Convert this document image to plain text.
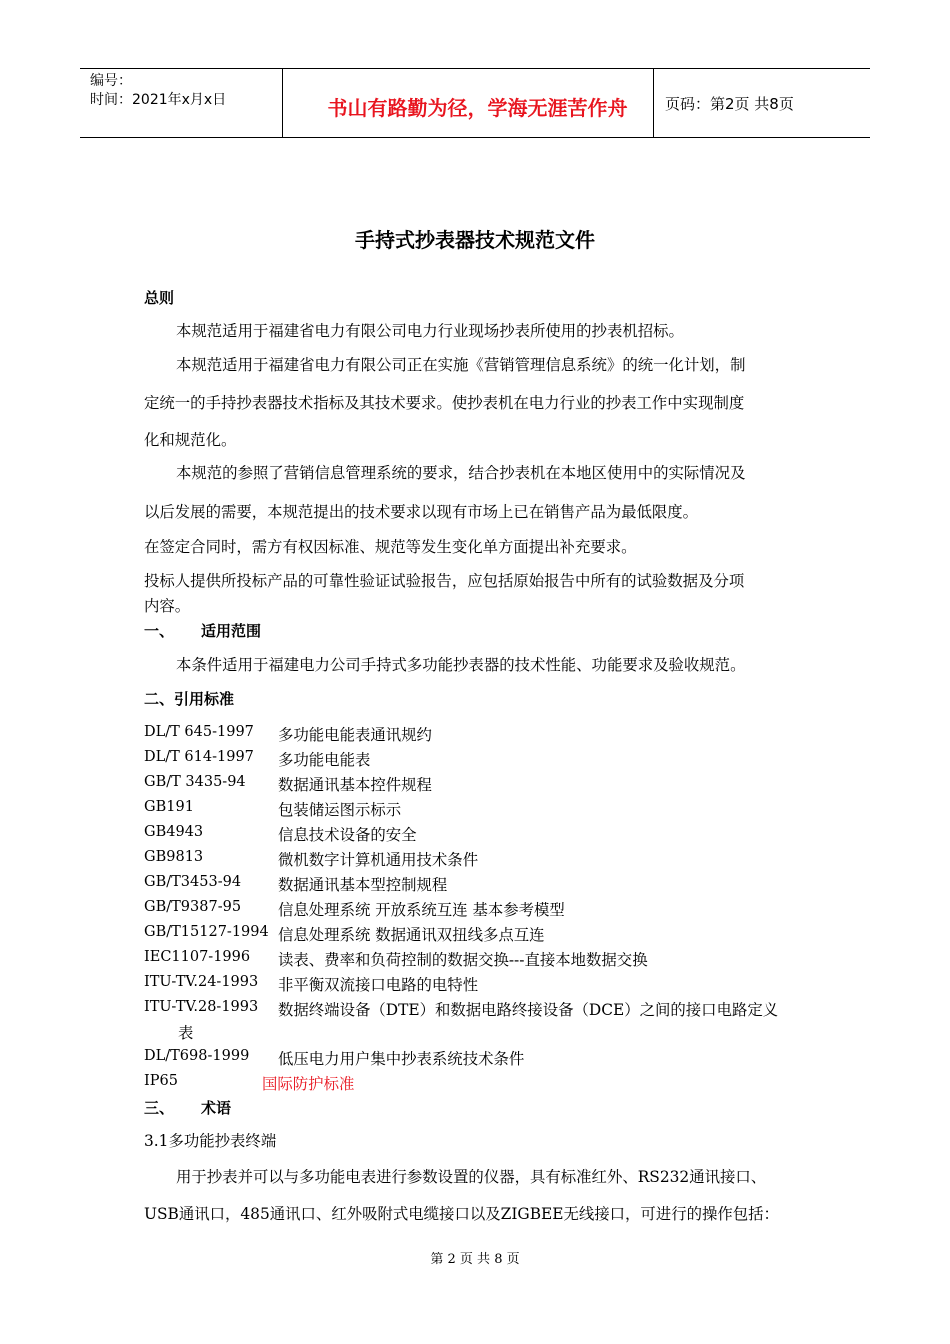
编号：
时间：2021年x月x日	书山有路勤为径，学海无涯苦作舟	页码：第2页 共8页
手持式抄表器技术规范文件
总则
本规范适用于福建省电力有限公司电力行业现场抄表所使用的抄表机招标。
本规范适用于福建省电力有限公司正在实施《营销管理信息系统》的统一化计划，制
定统一的手持抄表器技术指标及其技术要求。使抄表机在电力行业的抄表工作中实现制度
化和规范化。
本规范的参照了营销信息管理系统的要求，结合抄表机在本地区使用中的实际情况及
以后发展的需要，本规范提出的技术要求以现有市场上已在销售产品为最低限度。
在签定合同时，需方有权因标准、规范等发生变化单方面提出补充要求。
投标人提供所投标产品的可靠性验证试验报告，应包括原始报告中所有的试验数据及分项
内容。
一、 适用范围
本条件适用于福建电力公司手持式多功能抄表器的技术性能、功能要求及验收规范。
二、引用标准
DL/T 645-1997 多功能电能表通讯规约
DL/T 614-1997 多功能电能表
GB/T 3435-94 数据通讯基本控件规程
GB191	包装储运图示标示
GB4943	信息技术设备的安全
GB9813	微机数字计算机通用技术条件
GB/T3453-94 数据通讯基本型控制规程
GB/T9387-95 信息处理系统 开放系统互连 基本参考模型
GB/T15127-1994 信息处理系统 数据通讯双扭线多点互连
IEC1107-1996 读表、费率和负荷控制的数据交换---直接本地数据交换
ITU-TV.24-1993 非平衡双流接口电路的电特性
ITU-TV.28-1993 数据终端设备（DTE）和数据电路终接设备（DCE）之间的接口电路定义
表
DL/T698-1999 低压电力用户集中抄表系统技术条件
IP65	国际防护标准
三、 术语
3.1多功能抄表终端
用于抄表并可以与多功能电表进行参数设置的仪器，具有标准红外、RS232通讯接口、
USB通讯口，485通讯口、红外吸附式电缆接口以及ZIGBEE无线接口，可进行的操作包括：
第 2 页 共 8 页
